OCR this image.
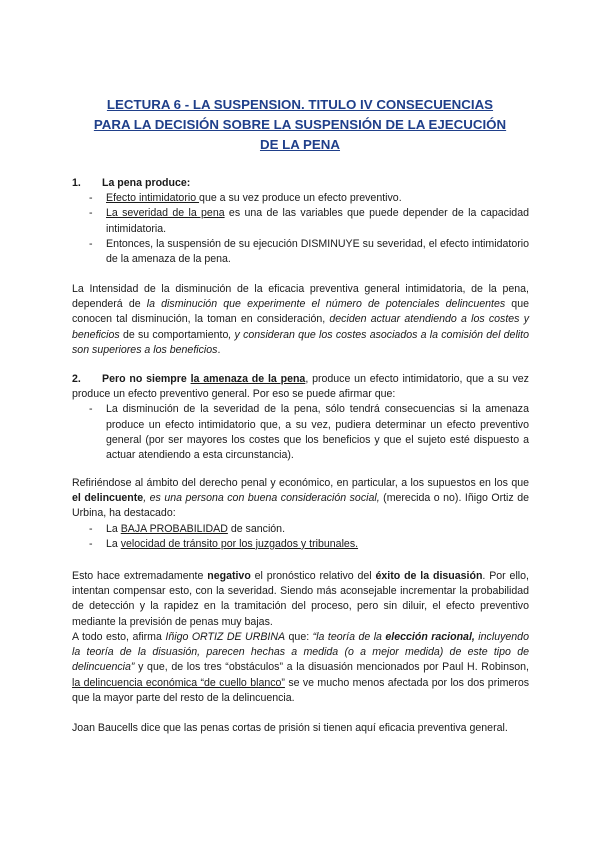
LECTURA 6 - LA SUSPENSION. TITULO IV CONSECUENCIAS
PARA LA DECISIÓN SOBRE LA SUSPENSIÓN DE LA EJECUCIÓN
DE LA PENA
1. La pena produce:
- Efecto intimidatorio que a su vez produce un efecto preventivo.
- La severidad de la pena es una de las variables que puede depender de la capacidad intimidatoria.
- Entonces, la suspensión de su ejecución DISMINUYE su severidad, el efecto intimidatorio de la amenaza de la pena.
La Intensidad de la disminución de la eficacia preventiva general intimidatoria, de la pena, dependerá de la disminución que experimente el número de potenciales delincuentes que conocen tal disminución, la toman en consideración, deciden actuar atendiendo a los costes y beneficios de su comportamiento, y consideran que los costes asociados a la comisión del delito son superiores a los beneficios.
2. Pero no siempre la amenaza de la pena, produce un efecto intimidatorio, que a su vez produce un efecto preventivo general. Por eso se puede afirmar que:
- La disminución de la severidad de la pena, sólo tendrá consecuencias si la amenaza produce un efecto intimidatorio que, a su vez, pudiera determinar un efecto preventivo general (por ser mayores los costes que los beneficios y que el sujeto esté dispuesto a actuar atendiendo a esta circunstancia).
Refiriéndose al ámbito del derecho penal y económico, en particular, a los supuestos en los que el delincuente, es una persona con buena consideración social, (merecida o no). Iñigo Ortiz de Urbina, ha destacado:
- La BAJA PROBABILIDAD de sanción.
- La velocidad de tránsito por los juzgados y tribunales.
Esto hace extremadamente negativo el pronóstico relativo del éxito de la disuasión. Por ello, intentan compensar esto, con la severidad. Siendo más aconsejable incrementar la probabilidad de detección y la rapidez en la tramitación del proceso, pero sin diluir, el efecto preventivo mediante la previsión de penas muy bajas.
A todo esto, afirma Iñigo ORTIZ DE URBINA que: “la teoría de la elección racional, incluyendo la teoría de la disuasión, parecen hechas a medida (o a mejor medida) de este tipo de delincuencia” y que, de los tres “obstáculos” a la disuasión mencionados por Paul H. Robinson, la delincuencia económica “de cuello blanco” se ve mucho menos afectada por los dos primeros que la mayor parte del resto de la delincuencia.
Joan Baucells dice que las penas cortas de prisión si tienen aquí eficacia preventiva general.
